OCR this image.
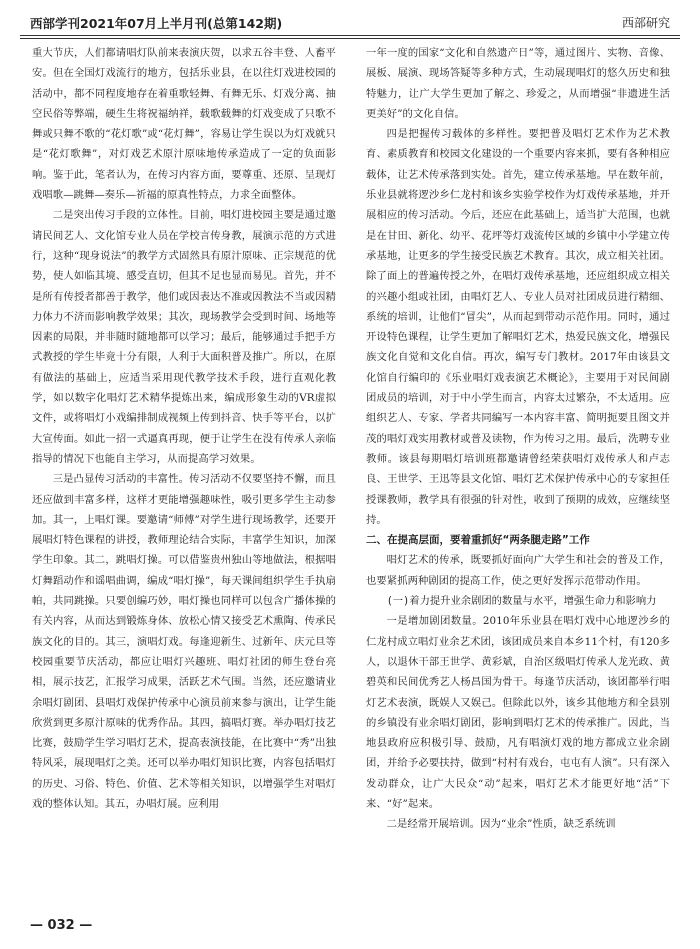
西部学刊2021年07月上半月刊(总第142期)	西部研究

重大节庆，人们都请唱灯队前来表演庆贺，以求五谷丰登、人畜平安。但在全国灯戏流行的地方，包括乐业县，在以往灯戏进校园的活动中，都不同程度地存在着重歌轻舞、有舞无乐、灯戏分离、抽空民俗等弊端，硬生生将祝福纳祥，载歌载舞的灯戏变成了只歌不舞或只舞不歌的“花灯歌”或“花灯舞”，容易让学生误以为灯戏就只是“花灯歌舞”，对灯戏艺术原汁原味地传承造成了一定的负面影响。鉴于此，笔者认为，在传习内容方面，要尊重、还原、呈现灯戏唱歌—跳舞—奏乐—祈福的原真性特点，力求全面整体。

二是突出传习手段的立体性。目前，唱灯进校园主要是通过邀请民间艺人、文化馆专业人员在学校言传身教，展演示范的方式进行，这种“现身说法”的教学方式固然具有原汁原味、正宗规范的优势，使人如临其境、感受直切，但其不足也显而易见。首先，并不是所有传授者都善于教学，他们或因表达不准或因教法不当或因精力体力不济而影响教学效果；其次，现场教学会受到时间、场地等因素的局限，并非随时随地都可以学习；最后，能够通过手把手方式教授的学生毕竟十分有限，人利于大面积普及推广。所以，在原有做法的基础上，应适当采用现代教学技术手段，进行直观化教学，如以数字化唱灯艺术精华提炼出来，编成形象生动的VR虚拟文件，或将唱灯小戏编排制成视频上传到抖音、快手等平台，以扩大宣传面。如此一招一式逼真再现，便于让学生在没有传承人亲临指导的情况下也能自主学习，从而提高学习效果。

三是凸显传习活动的丰富性。传习活动不仅要坚持不懈，而且还应做到丰富多样，这样才更能增强趣味性，吸引更多学生主动参加。其一，上唱灯课。要邀请“师傅”对学生进行现场教学，还要开展唱灯特色课程的讲授，教师理论结合实际，丰富学生知识，加深学生印象。其二，跳唱灯操。可以借鉴贵州独山等地做法，根据唱灯舞蹈动作和谣唱曲调，编成“唱灯操”，每天课间组织学生手执扇帕，共同跳操。只要创编巧妙，唱灯操也同样可以包含广播体操的有关内容，从而达到锻炼身体、放松心情又接受艺术熏陶、传承民族文化的目的。其三，演唱灯戏。每逢迎新生、过新年、庆元旦等校园重要节庆活动，都应让唱灯兴趣班、唱灯社团的师生登台亮相，展示技艺，汇报学习成果，活跃艺术气围。当然，还应邀请业余唱灯剧团、县唱灯戏保护传承中心演员前来参与演出，让学生能欣赏到更多原汁原味的优秀作品。其四，搞唱灯赛。举办唱灯技艺比赛，鼓励学生学习唱灯艺术，提高表演技能，在比赛中“秀”出独特风采，展现唱灯之美。还可以举办唱灯知识比赛，内容包括唱灯的历史、习俗、特色、价值、艺术等相关知识，以增强学生对唱灯戏的整体认知。其五，办唱灯展。应利用

一年一度的国家“文化和自然遗产日”等，通过图片、实物、音像、展板、展演、现场答疑等多种方式，生动展现唱灯的悠久历史和独特魅力，让广大学生更加了解之、珍爱之，从而增强“非遗进生活更美好”的文化自信。

四是把握传习载体的多样性。要把普及唱灯艺术作为艺术教育、素质教育和校园文化建设的一个重要内容来抓，要有各种相应载体，让艺术传承落到实处。首先，建立传承基地。早在数年前，乐业县就将逻沙乡仁龙村和该乡实验学校作为灯戏传承基地，并开展相应的传习活动。今后，还应在此基础上，适当扩大范围，也就是在甘田、新化、幼平、花坪等灯戏流传区域的乡镇中小学建立传承基地，让更多的学生接受民族艺术教育。其次，成立相关社团。除了面上的普遍传授之外，在唱灯戏传承基地，还应组织成立相关的兴趣小组或社团，由唱灯艺人、专业人员对社团成员进行精细、系统的培训，让他们“冒尖”，从而起到带动示范作用。同时，通过开设特色课程，让学生更加了解唱灯艺术，热爱民族文化，增强民族文化自觉和文化自信。再次，编写专门教材。2017年由该县文化馆自行编印的《乐业唱灯戏表演艺术概论》，主要用于对民间剧团成员的培训，对于中小学生而言，内容太过繁杂，不太适用。应组织艺人、专家、学者共同编写一本内容丰富、简明扼要且图文并茂的唱灯戏实用教材或普及读物，作为传习之用。最后，洗聘专业教师。该县每期唱灯培训班都邀请曾经荣获唱灯戏传承人和卢志良、王世学、王迅等县文化馆、唱灯艺术保护传承中心的专家担任授课教师，教学具有很强的针对性，收到了预期的成效，应继续坚持。

二、在提高层面，要着重抓好“两条腿走路”工作

唱灯艺术的传承，既要抓好面向广大学生和社会的普及工作，也要紧抓两种剧团的提高工作，使之更好发挥示范带动作用。

(一)着力提升业余剧团的数量与水平，增强生命力和影响力

一是增加剧团数量。2010年乐业县在唱灯戏中心地逻沙乡的仁龙村成立唱灯业余艺术团，该团成员来自本乡11个村，有120多人，以退休干部王世学、黄彩斌，自治区级唱灯传承人龙光政、黄碧英和民间优秀艺人杨昌国为骨干。每逢节庆活动，该团都举行唱灯艺术表演，既娱人又娱己。但除此以外，该乡其他地方和全县别的乡镇没有业余唱灯剧团，影响到唱灯艺术的传承推广。因此，当地县政府应积极引导、鼓励，凡有唱演灯戏的地方都成立业余剧团，并给予必要扶持，做到“村村有戏台，屯屯有人演”。只有深入发动群众，让广大民众“动”起来，唱灯艺术才能更好地“活”下来、“好”起来。

二是经常开展培训。因为“业余”性质，缺乏系统训

— 032 —
